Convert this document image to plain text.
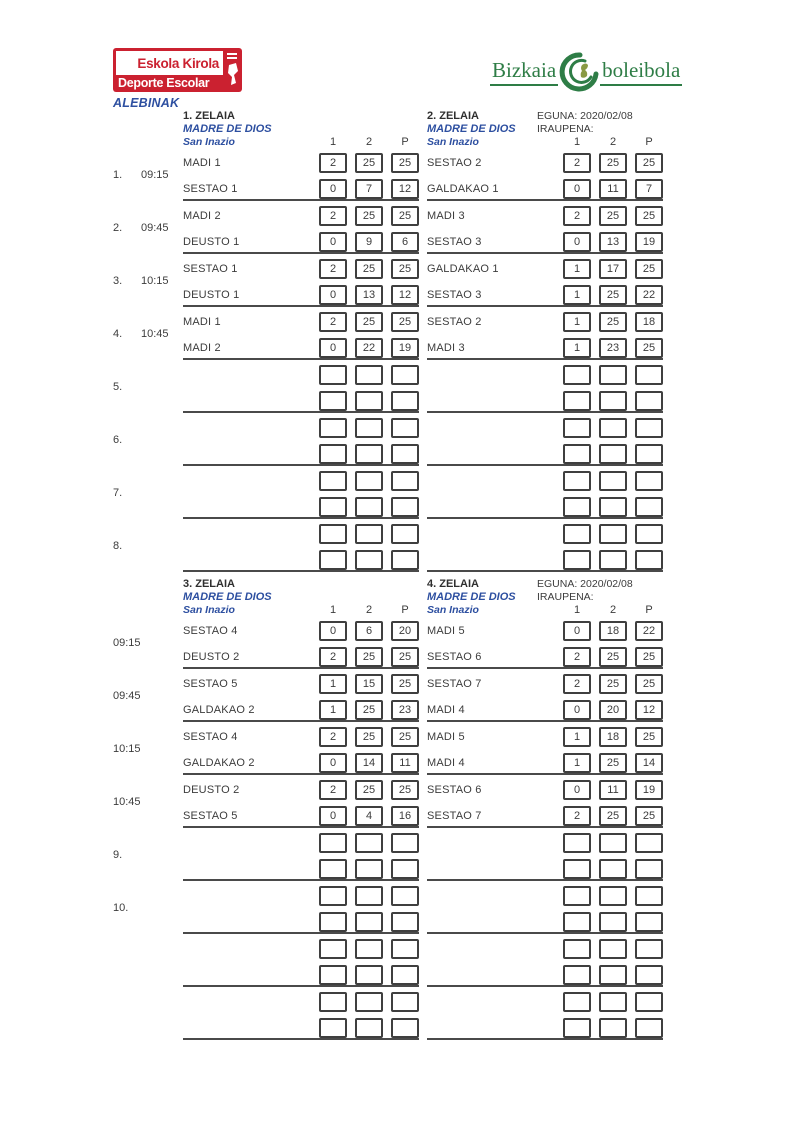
Eskola Kirola
Deporte Escolar
Bizkaia boleibola
ALEBINAK
1.	09:15
2.	09:45
3.	10:15
4.	10:45
5.
6.
7.
8.
1. ZELAIA
MADRE DE DIOS
San Inazio	1	2	P
MADI 1	2	25	25
SESTAO 1	0	7	12
MADI 2	2	25	25
DEUSTO 1	0	9	6
SESTAO 1	2	25	25
DEUSTO 1	0	13	12
MADI 1	2	25	25
MADI 2	0	22	19
2. ZELAIA
MADRE DE DIOS
San Inazio	1	2	P
EGUNA: 2020/02/08
IRAUPENA:
SESTAO 2	2	25	25
GALDAKAO 1	0	11	7
MADI 3	2	25	25
SESTAO 3	0	13	19
GALDAKAO 1	1	17	25
SESTAO 3	1	25	22
SESTAO 2	1	25	18
MADI 3	1	23	25
09:15
09:45
10:15
10:45
9.
10.
3. ZELAIA
MADRE DE DIOS
San Inazio	1	2	P
SESTAO 4	0	6	20
DEUSTO 2	2	25	25
SESTAO 5	1	15	25
GALDAKAO 2	1	25	23
SESTAO 4	2	25	25
GALDAKAO 2	0	14	11
DEUSTO 2	2	25	25
SESTAO 5	0	4	16
4. ZELAIA
MADRE DE DIOS
San Inazio	1	2	P
EGUNA: 2020/02/08
IRAUPENA:
MADI 5	0	18	22
SESTAO 6	2	25	25
SESTAO 7	2	25	25
MADI 4	0	20	12
MADI 5	1	18	25
MADI 4	1	25	14
SESTAO 6	0	11	19
SESTAO 7	2	25	25
